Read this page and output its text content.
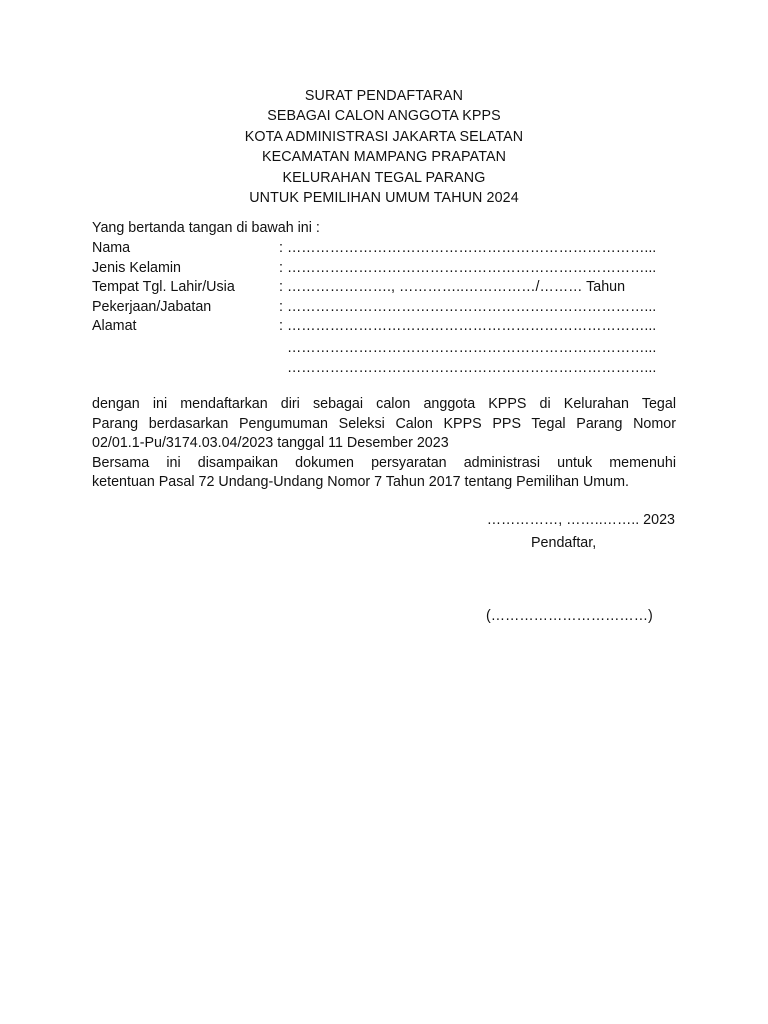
SURAT PENDAFTARAN
SEBAGAI CALON ANGGOTA KPPS
KOTA ADMINISTRASI JAKARTA SELATAN
KECAMATAN MAMPANG PRAPATAN
KELURAHAN TEGAL PARANG
UNTUK PEMILIHAN UMUM TAHUN 2024
Yang bertanda tangan di bawah ini :
Nama	: …………………………………………………………………...
Jenis Kelamin	: …………………………………………………………………...
Tempat Tgl. Lahir/Usia	: …………………., …………..……………/……… Tahun
Pekerjaan/Jabatan	: …………………………………………………………………...
Alamat	: …………………………………………………………………...
…………………………………………………………………...
…………………………………………………………………...
dengan ini mendaftarkan diri sebagai calon anggota KPPS di Kelurahan Tegal
Parang berdasarkan Pengumuman Seleksi Calon KPPS PPS Tegal Parang Nomor
02/01.1-Pu/3174.03.04/2023 tanggal 11 Desember 2023
Bersama ini disampaikan dokumen persyaratan administrasi untuk memenuhi
ketentuan Pasal 72 Undang-Undang Nomor 7 Tahun 2017 tentang Pemilihan Umum.
……………, ……..…….. 2023
Pendaftar,
(……………………………)
